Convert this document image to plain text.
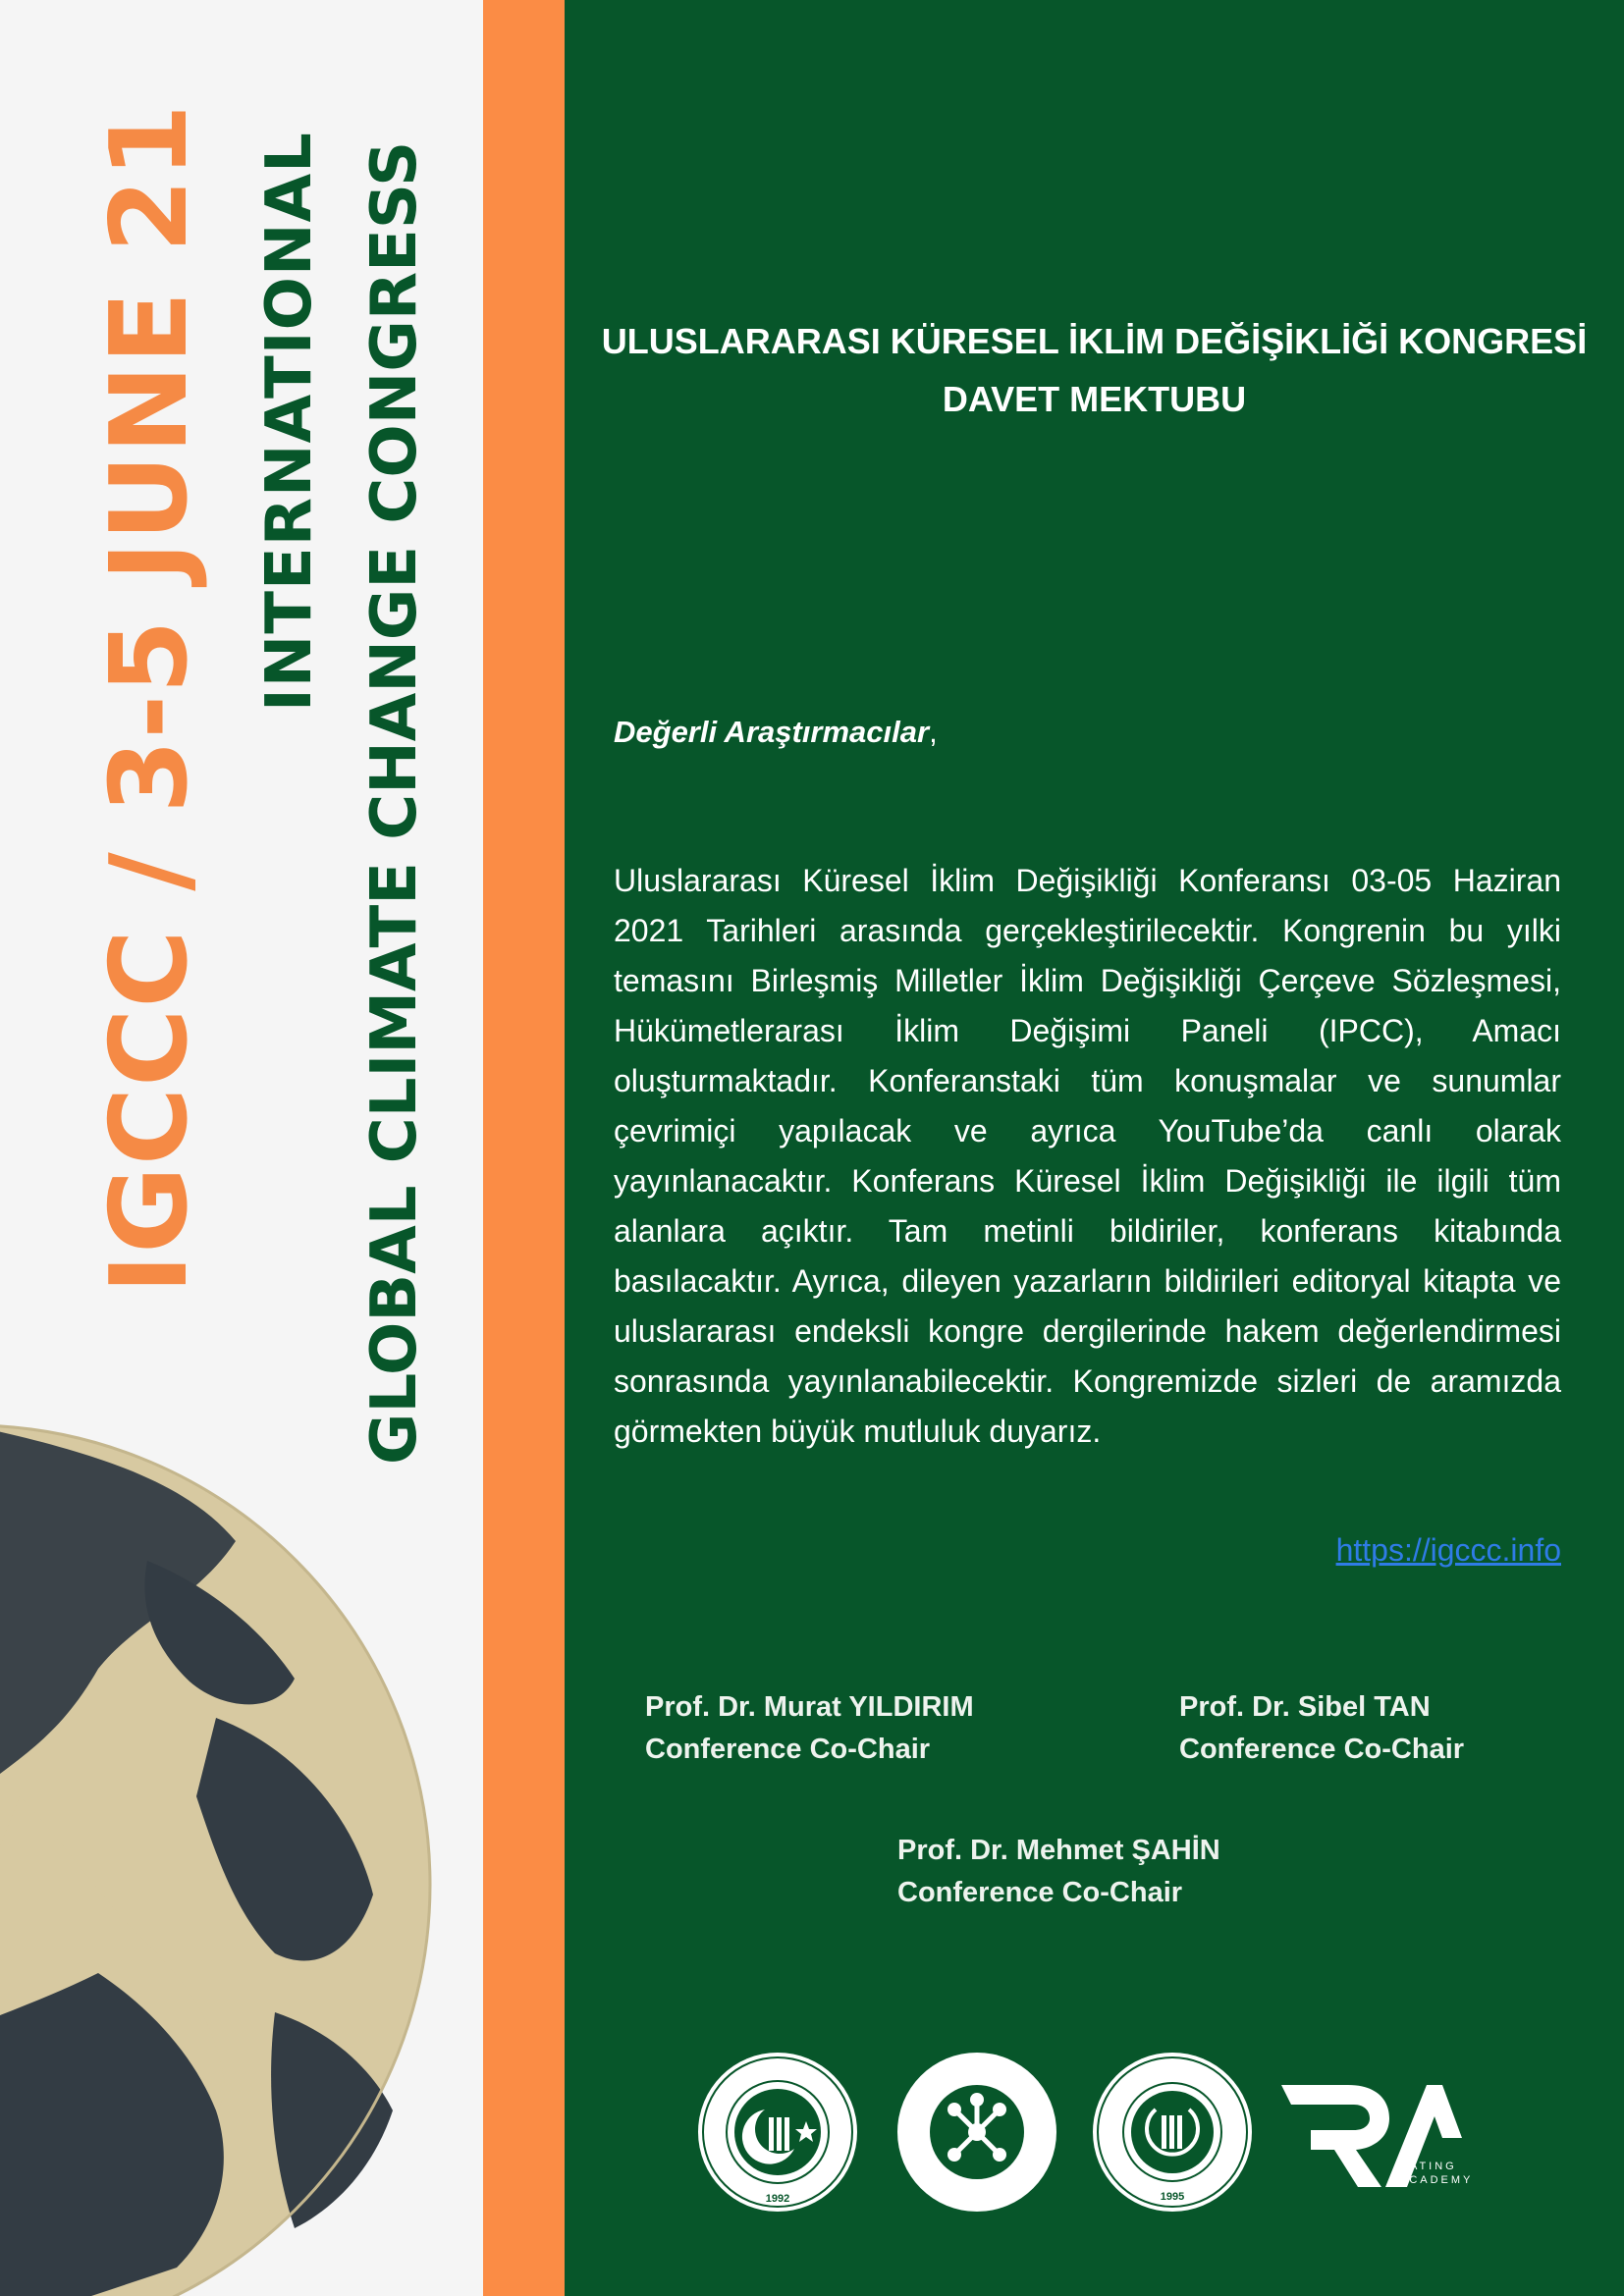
IGCCC / 3-5 JUNE 21 INTERNATIONAL GLOBAL CLIMATE CHANGE CONGRESS	ULUSLARARASI KÜRESEL İKLİM DEĞİŞİKLİĞİ KONGRESİ
DAVET MEKTUBU
Değerli Araştırmacılar,
Uluslararası Küresel İklim Değişikliği Konferansı 03-05 Haziran 2021 Tarihleri arasında gerçekleştirilecektir. Kongrenin bu yılki temasını Birleşmiş Milletler İklim Değişikliği Çerçeve Sözleşmesi, Hükümetlerarası İklim Değişimi Paneli (IPCC), Amacı oluşturmaktadır. Konferanstaki tüm konuşmalar ve sunumlar çevrimiçi yapılacak ve ayrıca YouTube’da canlı olarak yayınlanacaktır. Konferans Küresel İklim Değişikliği ile ilgili tüm alanlara açıktır. Tam metinli bildiriler, konferans kitabında basılacaktır. Ayrıca, dileyen yazarların bildirileri editoryal kitapta ve uluslararası endeksli kongre dergilerinde hakem değerlendirmesi sonrasında yayınlanabilecektir. Kongremizde sizleri de aramızda görmekten büyük mutluluk duyarız.
https://igccc.info
Prof. Dr. Murat YILDIRIM
Conference Co-Chair
Prof. Dr. Sibel TAN
Conference Co-Chair
Prof. Dr. Mehmet ŞAHİN
Conference Co-Chair
1992	1995
RATING
ACADEMY
